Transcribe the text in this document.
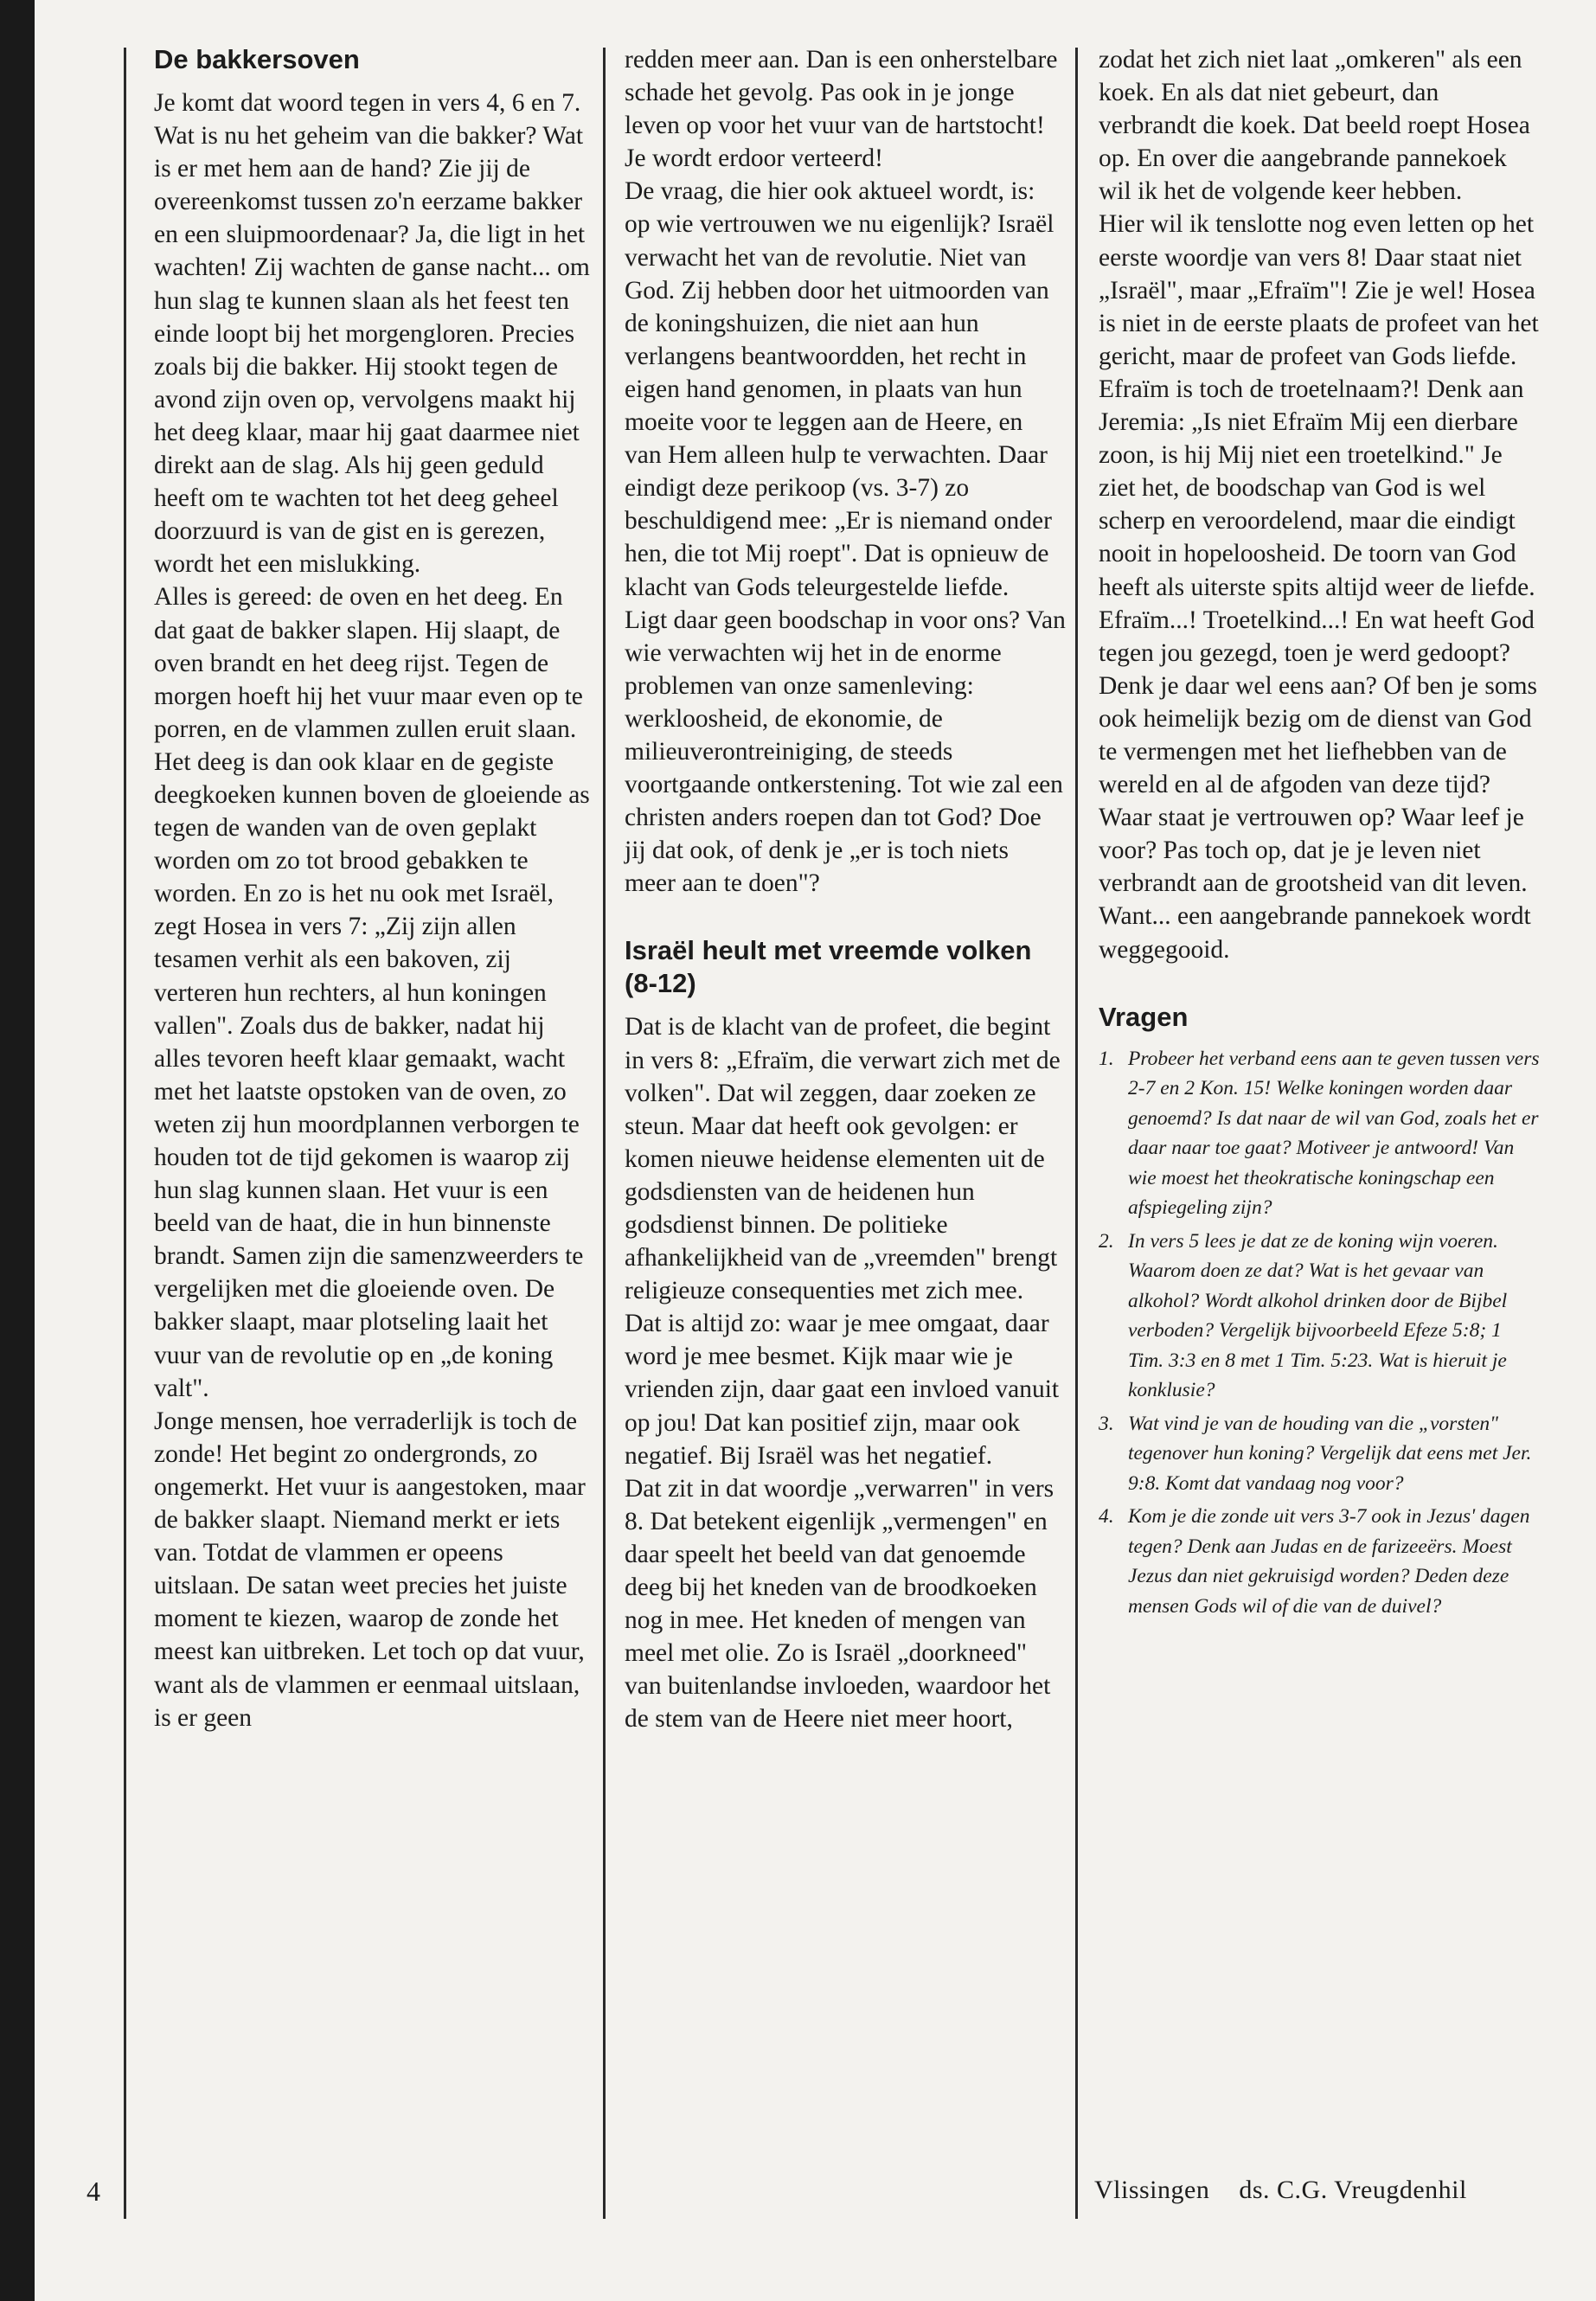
De bakkersoven

Je komt dat woord tegen in vers 4, 6 en 7. Wat is nu het geheim van die bakker? Wat is er met hem aan de hand? Zie jij de overeenkomst tussen zo'n eerzame bakker en een sluipmoordenaar? Ja, die ligt in het wachten! Zij wachten de ganse nacht... om hun slag te kunnen slaan als het feest ten einde loopt bij het morgengloren. Precies zoals bij die bakker. Hij stookt tegen de avond zijn oven op, vervolgens maakt hij het deeg klaar, maar hij gaat daarmee niet direkt aan de slag. Als hij geen geduld heeft om te wachten tot het deeg geheel doorzuurd is van de gist en is gerezen, wordt het een mislukking.

Alles is gereed: de oven en het deeg. En dat gaat de bakker slapen. Hij slaapt, de oven brandt en het deeg rijst. Tegen de morgen hoeft hij het vuur maar even op te porren, en de vlammen zullen eruit slaan. Het deeg is dan ook klaar en de gegiste deegkoeken kunnen boven de gloeiende as tegen de wanden van de oven geplakt worden om zo tot brood gebakken te worden. En zo is het nu ook met Israël, zegt Hosea in vers 7: „Zij zijn allen tesamen verhit als een bakoven, zij verteren hun rechters, al hun koningen vallen". Zoals dus de bakker, nadat hij alles tevoren heeft klaar gemaakt, wacht met het laatste opstoken van de oven, zo weten zij hun moordplannen verborgen te houden tot de tijd gekomen is waarop zij hun slag kunnen slaan. Het vuur is een beeld van de haat, die in hun binnenste brandt. Samen zijn die samenzweerders te vergelijken met die gloeiende oven. De bakker slaapt, maar plotseling laait het vuur van de revolutie op en „de koning valt".

Jonge mensen, hoe verraderlijk is toch de zonde! Het begint zo ondergronds, zo ongemerkt. Het vuur is aangestoken, maar de bakker slaapt. Niemand merkt er iets van. Totdat de vlammen er opeens uitslaan. De satan weet precies het juiste moment te kiezen, waarop de zonde het meest kan uitbreken. Let toch op dat vuur, want als de vlammen er eenmaal uitslaan, is er geen

redden meer aan. Dan is een onherstelbare schade het gevolg. Pas ook in je jonge leven op voor het vuur van de hartstocht! Je wordt erdoor verteerd!

De vraag, die hier ook aktueel wordt, is: op wie vertrouwen we nu eigenlijk? Israël verwacht het van de revolutie. Niet van God. Zij hebben door het uitmoorden van de koningshuizen, die niet aan hun verlangens beantwoordden, het recht in eigen hand genomen, in plaats van hun moeite voor te leggen aan de Heere, en van Hem alleen hulp te verwachten. Daar eindigt deze perikoop (vs. 3-7) zo beschuldigend mee: „Er is niemand onder hen, die tot Mij roept". Dat is opnieuw de klacht van Gods teleurgestelde liefde.

Ligt daar geen boodschap in voor ons? Van wie verwachten wij het in de enorme problemen van onze samenleving: werkloosheid, de ekonomie, de milieuverontreiniging, de steeds voortgaande ontkerstening. Tot wie zal een christen anders roepen dan tot God? Doe jij dat ook, of denk je „er is toch niets meer aan te doen"?

Israël heult met vreemde volken (8-12)

Dat is de klacht van de profeet, die begint in vers 8: „Efraïm, die verwart zich met de volken". Dat wil zeggen, daar zoeken ze steun. Maar dat heeft ook gevolgen: er komen nieuwe heidense elementen uit de godsdiensten van de heidenen hun godsdienst binnen. De politieke afhankelijkheid van de „vreemden" brengt religieuze consequenties met zich mee. Dat is altijd zo: waar je mee omgaat, daar word je mee besmet. Kijk maar wie je vrienden zijn, daar gaat een invloed vanuit op jou! Dat kan positief zijn, maar ook negatief. Bij Israël was het negatief.

Dat zit in dat woordje „verwarren" in vers 8. Dat betekent eigenlijk „vermengen" en daar speelt het beeld van dat genoemde deeg bij het kneden van de broodkoeken nog in mee. Het kneden of mengen van meel met olie. Zo is Israël „doorkneed" van buitenlandse invloeden, waardoor het de stem van de Heere niet meer hoort,

zodat het zich niet laat „omkeren" als een koek. En als dat niet gebeurt, dan verbrandt die koek. Dat beeld roept Hosea op. En over die aangebrande pannekoek wil ik het de volgende keer hebben.

Hier wil ik tenslotte nog even letten op het eerste woordje van vers 8! Daar staat niet „Israël", maar „Efraïm"! Zie je wel! Hosea is niet in de eerste plaats de profeet van het gericht, maar de profeet van Gods liefde. Efraïm is toch de troetelnaam?! Denk aan Jeremia: „Is niet Efraïm Mij een dierbare zoon, is hij Mij niet een troetelkind." Je ziet het, de boodschap van God is wel scherp en veroordelend, maar die eindigt nooit in hopeloosheid. De toorn van God heeft als uiterste spits altijd weer de liefde. Efraïm...! Troetelkind...! En wat heeft God tegen jou gezegd, toen je werd gedoopt? Denk je daar wel eens aan? Of ben je soms ook heimelijk bezig om de dienst van God te vermengen met het liefhebben van de wereld en al de afgoden van deze tijd? Waar staat je vertrouwen op? Waar leef je voor? Pas toch op, dat je je leven niet verbrandt aan de grootsheid van dit leven. Want... een aangebrande pannekoek wordt weggegooid.

Vragen
1. Probeer het verband eens aan te geven tussen vers 2-7 en 2 Kon. 15! Welke koningen worden daar genoemd? Is dat naar de wil van God, zoals het er daar naar toe gaat? Motiveer je antwoord! Van wie moest het theokratische koningschap een afspiegeling zijn?
2. In vers 5 lees je dat ze de koning wijn voeren. Waarom doen ze dat? Wat is het gevaar van alkohol? Wordt alkohol drinken door de Bijbel verboden? Vergelijk bijvoorbeeld Efeze 5:8; 1 Tim. 3:3 en 8 met 1 Tim. 5:23. Wat is hieruit je konklusie?
3. Wat vind je van de houding van die „vorsten" tegenover hun koning? Vergelijk dat eens met Jer. 9:8. Komt dat vandaag nog voor?
4. Kom je die zonde uit vers 3-7 ook in Jezus' dagen tegen? Denk aan Judas en de farizeeërs. Moest Jezus dan niet gekruisigd worden? Deden deze mensen Gods wil of die van de duivel?
4	Vlissingen ds. C.G. Vreugdenhil
